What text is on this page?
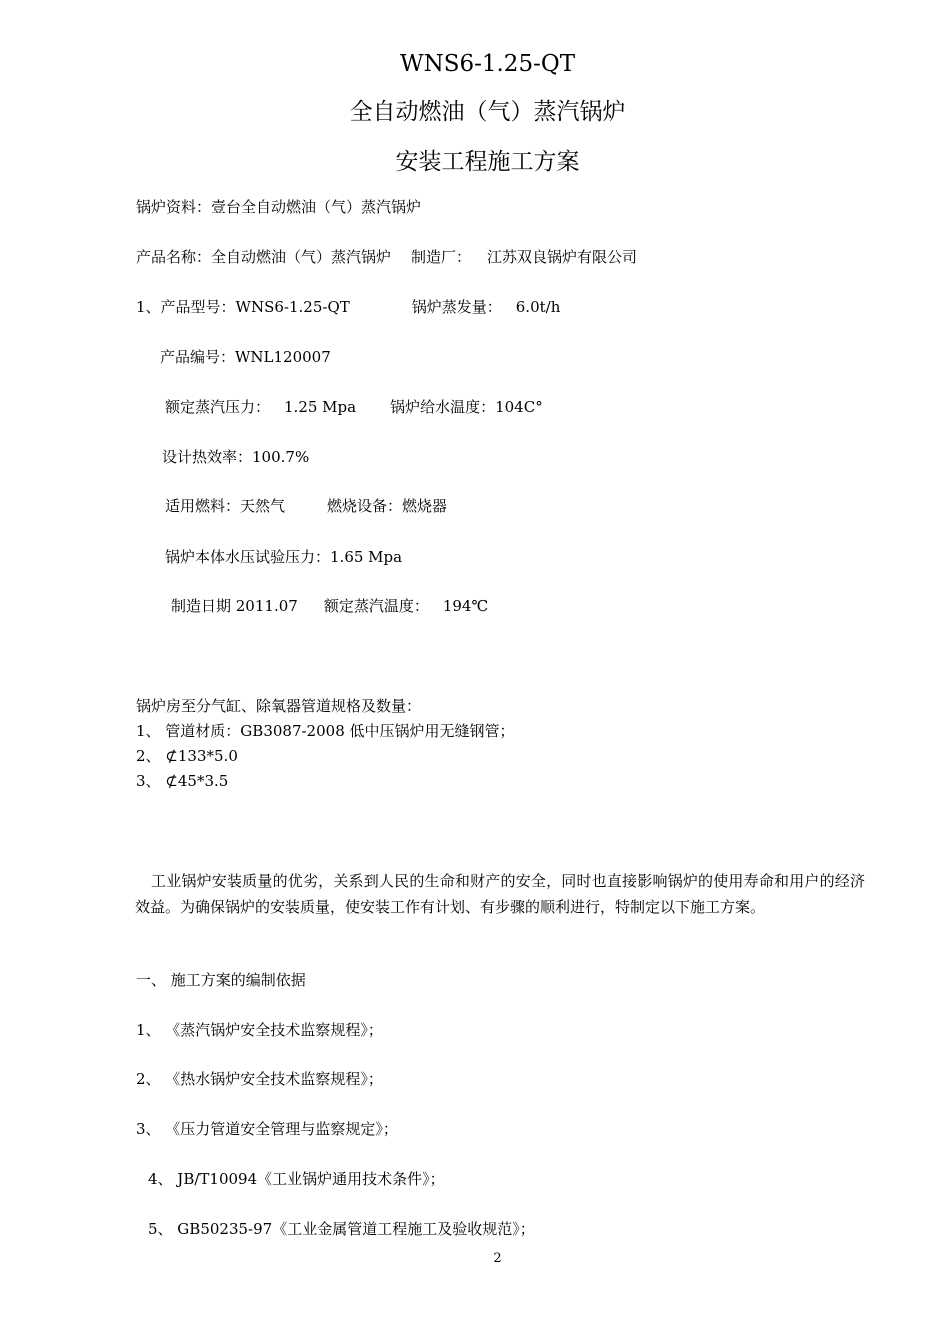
WNS6-1.25-QT
全自动燃油（气）蒸汽锅炉
安装工程施工方案
锅炉资料：壹台全自动燃油（气）蒸汽锅炉
产品名称：全自动燃油（气）蒸汽锅炉 制造厂： 江苏双良锅炉有限公司
1、产品型号：WNS6-1.25-QT	锅炉蒸发量： 6.0t/h
产品编号：WNL120007
额定蒸汽压力： 1.25 Mpa 锅炉给水温度：104C°
设计热效率：100.7%
适用燃料：天然气	燃烧设备：燃烧器
锅炉本体水压试验压力：1.65 Mpa
制造日期 2011.07 额定蒸汽温度： 194℃
锅炉房至分气缸、除氧器管道规格及数量：
1、 管道材质：GB3087-2008 低中压锅炉用无缝钢管；
2、 ⊄133*5.0
3、 ⊄45*3.5
工业锅炉安装质量的优劣，关系到人民的生命和财产的安全，同时也直接影响锅炉的使用寿命和用户的经济效益。为确保锅炉的安装质量，使安装工作有计划、有步骤的顺利进行，特制定以下施工方案。
一、 施工方案的编制依据
1、 《蒸汽锅炉安全技术监察规程》；
2、 《热水锅炉安全技术监察规程》；
3、 《压力管道安全管理与监察规定》；
4、 JB/T10094《工业锅炉通用技术条件》；
5、 GB50235-97《工业金属管道工程施工及验收规范》；
2
